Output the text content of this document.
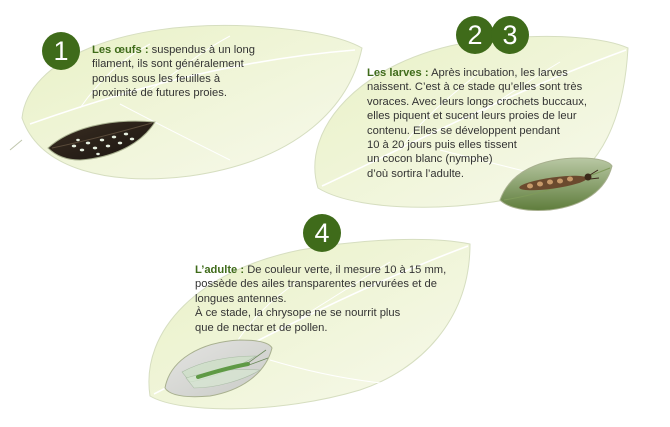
1
2 3
4
Les œufs : suspendus à un long
filament, ils sont généralement
pondus sous les feuilles à
proximité de futures proies.
Les larves : Après incubation, les larves
naissent. C’est à ce stade qu’elles sont très
voraces. Avec leurs longs crochets buccaux,
elles piquent et sucent leurs proies de leur
contenu. Elles se développent pendant
10 à 20 jours puis elles tissent
un cocon blanc (nymphe)
d’où sortira l’adulte.
L’adulte : De couleur verte, il mesure 10 à 15 mm,
possède des ailes transparentes nervurées et de
longues antennes.
À ce stade, la chrysope ne se nourrit plus
que de nectar et de pollen.
